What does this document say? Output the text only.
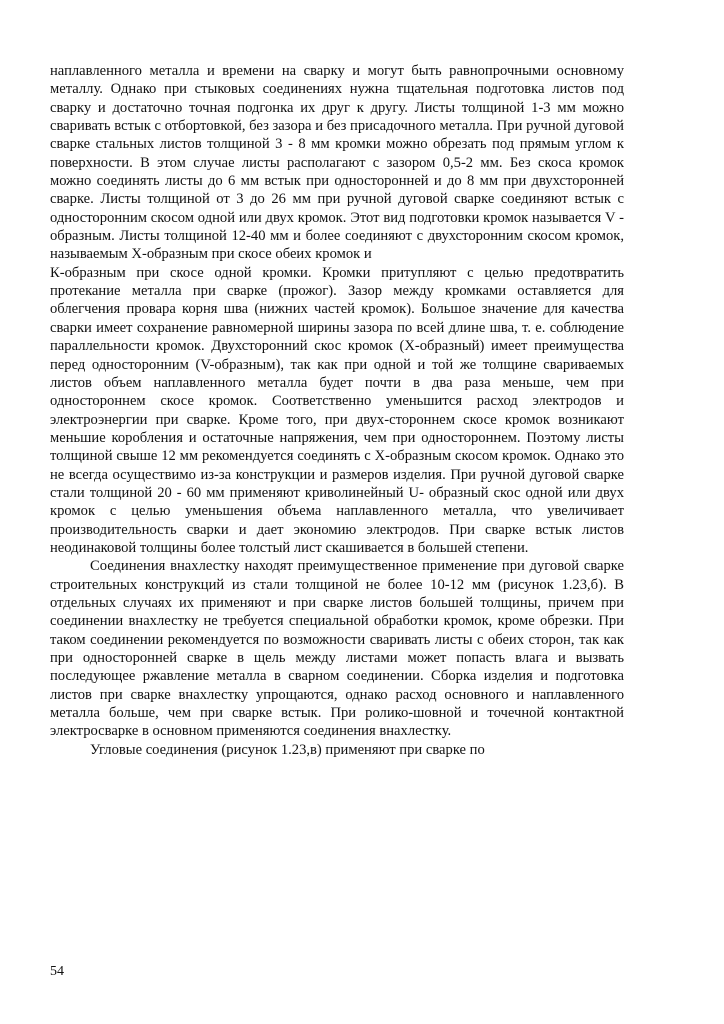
наплавленного металла и времени на сварку и могут быть равнопрочными основному металлу. Однако при стыковых соединениях нужна тщательная подготовка листов под сварку и достаточно точная подгонка их друг к другу. Листы толщиной 1-3 мм можно сваривать встык с отбортовкой, без зазора и без присадочного металла. При ручной дуговой сварке стальных листов толщиной 3 - 8 мм кромки можно обрезать под прямым углом к поверхности. В этом случае листы располагают с зазором 0,5-2 мм. Без скоса кромок можно соединять листы до 6 мм встык при односторонней и до 8 мм при двухсторонней сварке. Листы толщиной от 3 до 26 мм при ручной дуговой сварке соединяют встык с односторонним скосом одной или двух кромок. Этот вид подготовки кромок называется V - образным. Листы толщиной 12-40 мм и более соединяют с двухсторонним скосом кромок, называемым Х-образным при скосе обеих кромок и

К-образным при скосе одной кромки. Кромки притупляют с целью предотвратить протекание металла при сварке (прожог). Зазор между кромками оставляется для облегчения провара корня шва (нижних частей кромок). Большое значение для качества сварки имеет сохранение равномерной ширины зазора по всей длине шва, т. е. соблюдение параллельности кромок. Двухсторонний скос кромок (Х-образный) имеет преимущества перед односторонним (V-образным), так как при одной и той же толщине свариваемых листов объем наплавленного металла будет почти в два раза меньше, чем при одностороннем скосе кромок. Соответственно уменьшится расход электродов и электроэнергии при сварке. Кроме того, при двух-стороннем скосе кромок возникают меньшие коробления и остаточные напряжения, чем при одностороннем. Поэтому листы толщиной свыше 12 мм рекомендуется соединять с Х-образным скосом кромок. Однако это не всегда осуществимо из-за конструкции и размеров изделия. При ручной дуговой сварке стали толщиной 20 - 60 мм применяют криволинейный U- образный скос одной или двух кромок с целью уменьшения объема наплавленного металла, что увеличивает производительность сварки и дает экономию электродов. При сварке встык листов неодинаковой толщины более толстый лист скашивается в большей степени.

Соединения внахлестку находят преимущественное применение при дуговой сварке строительных конструкций из стали толщиной не более 10-12 мм (рисунок 1.23,б). В отдельных случаях их применяют и при сварке листов большей толщины, причем при соединении внахлестку не требуется специальной обработки кромок, кроме обрезки. При таком соединении рекомендуется по возможности сваривать листы с обеих сторон, так как при односторонней сварке в щель между листами может попасть влага и вызвать последующее ржавление металла в сварном соединении. Сборка изделия и подготовка листов при сварке внахлестку упрощаются, однако расход основного и наплавленного металла больше, чем при сварке встык. При ролико-шовной и точечной контактной электросварке в основном применяются соединения внахлестку.

Угловые соединения (рисунок 1.23,в) применяют при сварке по

54
